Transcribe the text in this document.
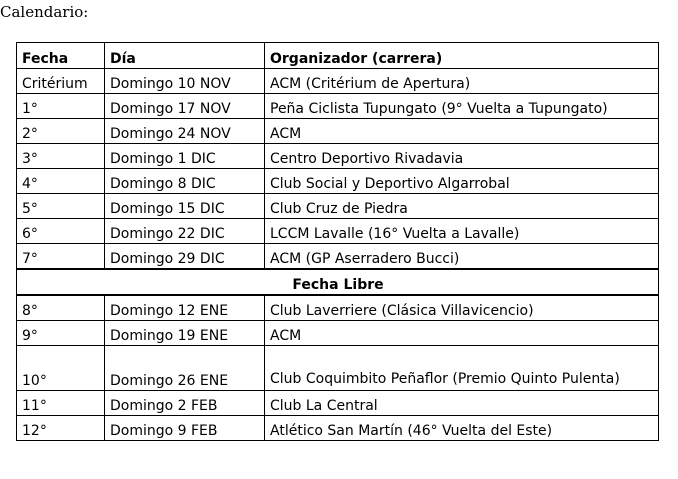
Calendario:
Fecha	Día	Organizador (carrera)
Critérium	Domingo 10 NOV	ACM (Critérium de Apertura)
1°	Domingo 17 NOV	Peña Ciclista Tupungato (9° Vuelta a Tupungato)
2°	Domingo 24 NOV	ACM
3°	Domingo 1 DIC	Centro Deportivo Rivadavia
4°	Domingo 8 DIC	Club Social y Deportivo Algarrobal
5°	Domingo 15 DIC	Club Cruz de Piedra
6°	Domingo 22 DIC	LCCM Lavalle (16° Vuelta a Lavalle)
7°	Domingo 29 DIC	ACM (GP Aserradero Bucci)
Fecha Libre		
8°	Domingo 12 ENE	Club Laverriere (Clásica Villavicencio)
9°	Domingo 19 ENE	ACM
10°	Domingo 26 ENE	Club Coquimbito Peñaflor (Premio Quinto Pulenta)
11°	Domingo 2 FEB	Club La Central
12°	Domingo 9 FEB	Atlético San Martín (46° Vuelta del Este)
